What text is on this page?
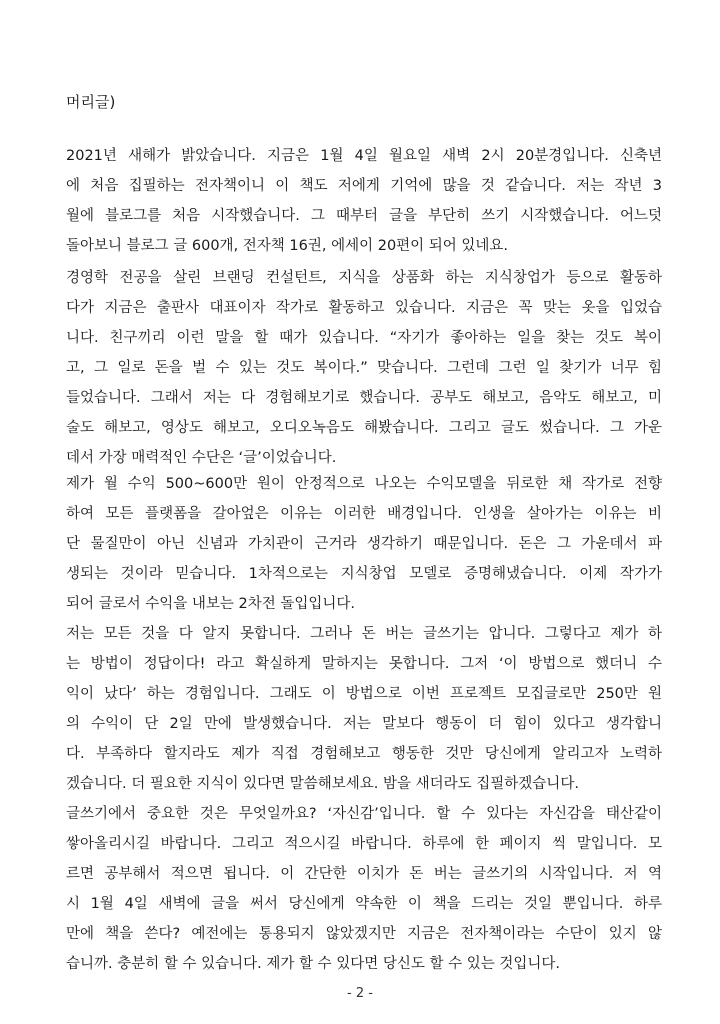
머리글)
2021년 새해가 밝았습니다. 지금은 1월 4일 월요일 새벽 2시 20분경입니다. 신축년
에 처음 집필하는 전자책이니 이 책도 저에게 기억에 많을 것 같습니다. 저는 작년 3
월에 블로그를 처음 시작했습니다. 그 때부터 글을 부단히 쓰기 시작했습니다. 어느덧
돌아보니 블로그 글 600개, 전자책 16권, 에세이 20편이 되어 있네요.
경영학 전공을 살린 브랜딩 컨설턴트, 지식을 상품화 하는 지식창업가 등으로 활동하
다가 지금은 출판사 대표이자 작가로 활동하고 있습니다. 지금은 꼭 맞는 옷을 입었습
니다. 친구끼리 이런 말을 할 때가 있습니다. “자기가 좋아하는 일을 찾는 것도 복이
고, 그 일로 돈을 벌 수 있는 것도 복이다.” 맞습니다. 그런데 그런 일 찾기가 너무 힘
들었습니다. 그래서 저는 다 경험해보기로 했습니다. 공부도 해보고, 음악도 해보고, 미
술도 해보고, 영상도 해보고, 오디오녹음도 해봤습니다. 그리고 글도 썼습니다. 그 가운
데서 가장 매력적인 수단은 ‘글’이었습니다.
제가 월 수익 500~600만 원이 안정적으로 나오는 수익모델을 뒤로한 채 작가로 전향
하여 모든 플랫폼을 갈아엎은 이유는 이러한 배경입니다. 인생을 살아가는 이유는 비
단 물질만이 아닌 신념과 가치관이 근거라 생각하기 때문입니다. 돈은 그 가운데서 파
생되는 것이라 믿습니다. 1차적으로는 지식창업 모델로 증명해냈습니다. 이제 작가가
되어 글로서 수익을 내보는 2차전 돌입입니다.
저는 모든 것을 다 알지 못합니다. 그러나 돈 버는 글쓰기는 압니다. 그렇다고 제가 하
는 방법이 정답이다! 라고 확실하게 말하지는 못합니다. 그저 ‘이 방법으로 했더니 수
익이 났다’ 하는 경험입니다. 그래도 이 방법으로 이번 프로젝트 모집글로만 250만 원
의 수익이 단 2일 만에 발생했습니다. 저는 말보다 행동이 더 힘이 있다고 생각합니
다. 부족하다 할지라도 제가 직접 경험해보고 행동한 것만 당신에게 알리고자 노력하
겠습니다. 더 필요한 지식이 있다면 말씀해보세요. 밤을 새더라도 집필하겠습니다.
글쓰기에서 중요한 것은 무엇일까요? ‘자신감’입니다. 할 수 있다는 자신감을 태산같이
쌓아올리시길 바랍니다. 그리고 적으시길 바랍니다. 하루에 한 페이지 씩 말입니다. 모
르면 공부해서 적으면 됩니다. 이 간단한 이치가 돈 버는 글쓰기의 시작입니다. 저 역
시 1월 4일 새벽에 글을 써서 당신에게 약속한 이 책을 드리는 것일 뿐입니다. 하루
만에 책을 쓴다? 예전에는 통용되지 않았겠지만 지금은 전자책이라는 수단이 있지 않
습니까. 충분히 할 수 있습니다. 제가 할 수 있다면 당신도 할 수 있는 것입니다.
- 2 -
